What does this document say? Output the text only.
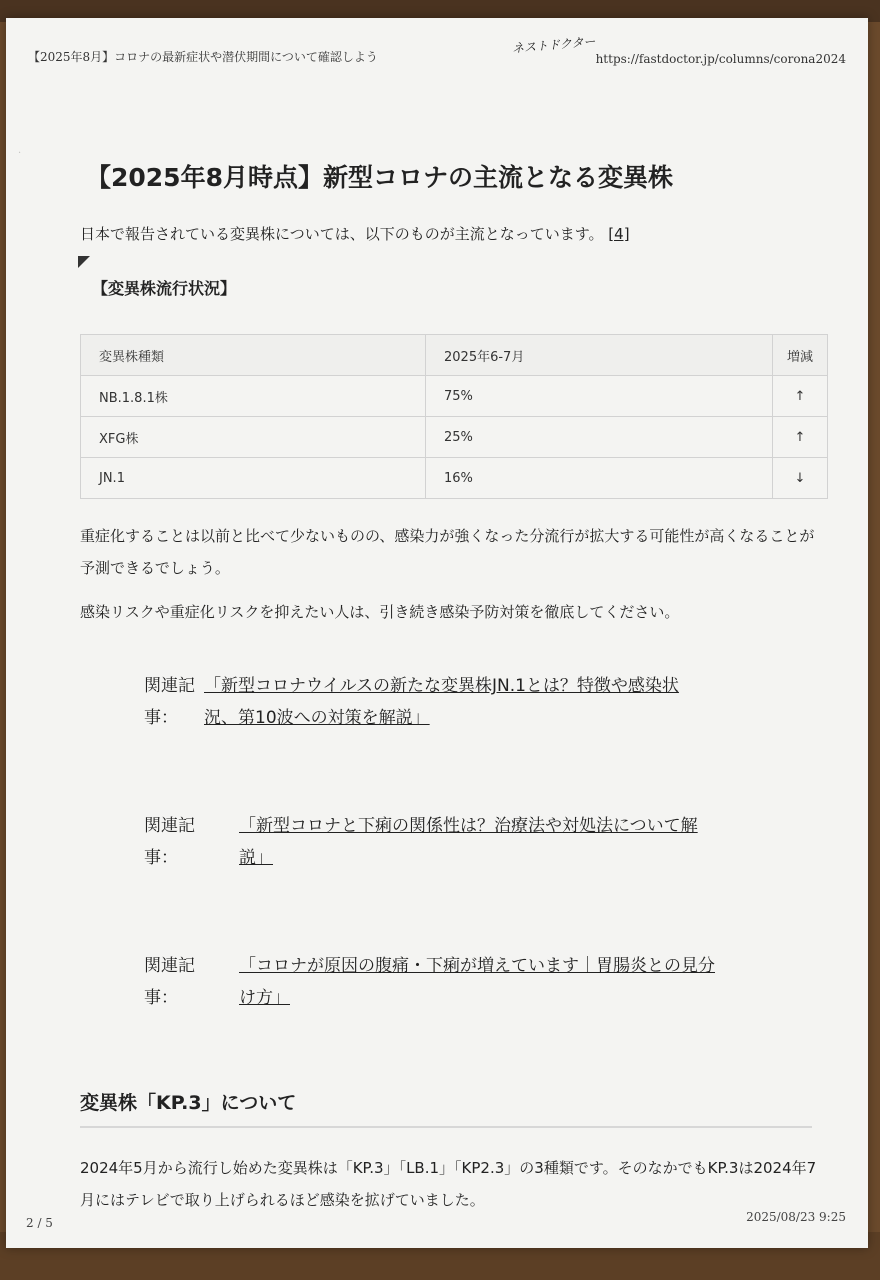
【2025年8月】コロナの最新症状や潜伏期間について確認しよう
ネストドクター
https://fastdoctor.jp/columns/corona2024
·
【2025年8月時点】新型コロナの主流となる変異株
日本で報告されている変異株については、以下のものが主流となっています。 [4]
【変異株流行状況】
変異株種類	2025年6-7月	増減
NB.1.8.1株	75%	↑
XFG株	25%	↑
JN.1	16%	↓
重症化することは以前と比べて少ないものの、感染力が強くなった分流行が拡大する可能性が高くなることが予測できるでしょう。
感染リスクや重症化リスクを抑えたい人は、引き続き感染予防対策を徹底してください。
関連記
事：
「新型コロナウイルスの新たな変異株JN.1とは？特徴や感染状
況、第10波への対策を解説」
関連記
事：
「新型コロナと下痢の関係性は？治療法や対処法について解
説」
関連記
事：
「コロナが原因の腹痛・下痢が増えています｜胃腸炎との見分
け方」
変異株「KP.3」について
2024年5月から流行し始めた変異株は「KP.3」「LB.1」「KP2.3」の3種類です。そのなかでもKP.3は2024年7月にはテレビで取り上げられるほど感染を拡げていました。
2 / 5	2025/08/23 9:25
